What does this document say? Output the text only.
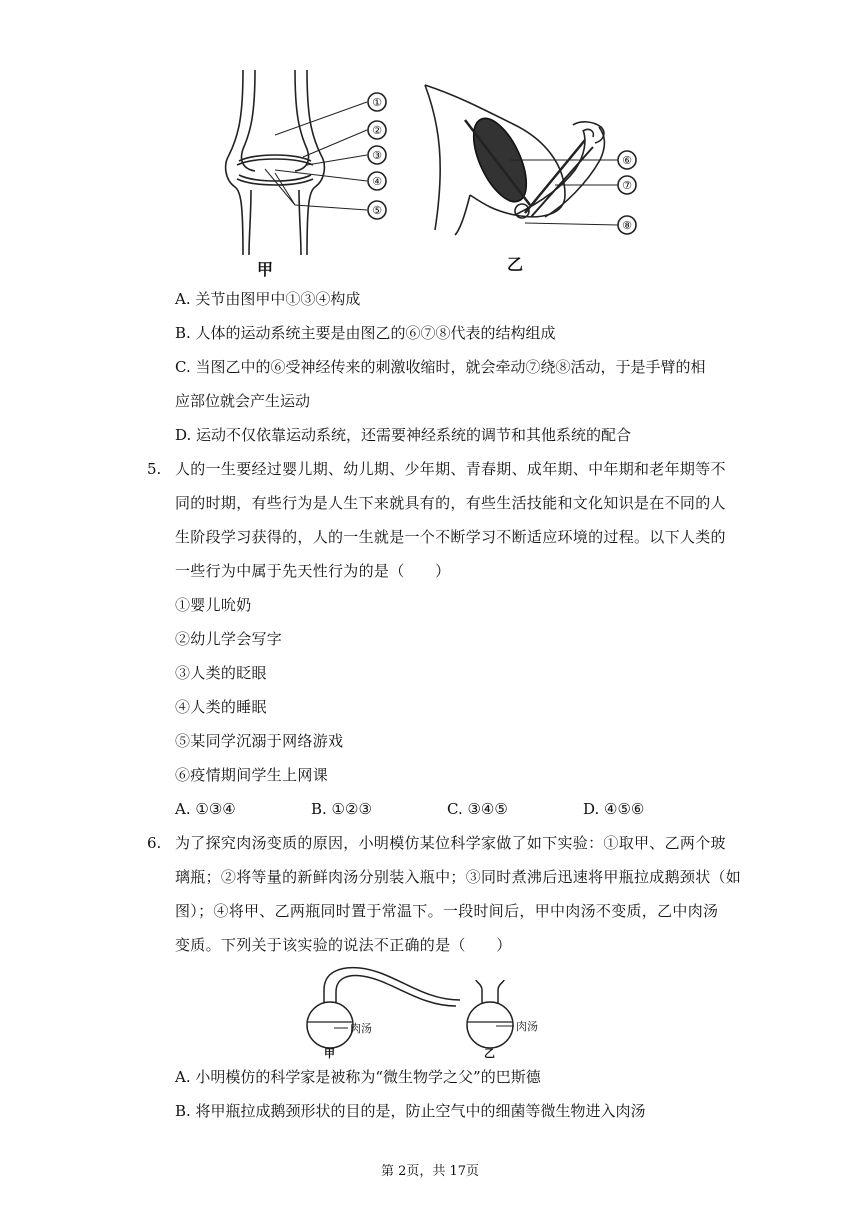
①
②
③
④
⑤
甲
⑥
⑦
⑧
乙
A. 关节由图甲中①③④构成
B. 人体的运动系统主要是由图乙的⑥⑦⑧代表的结构组成
C. 当图乙中的⑥受神经传来的刺激收缩时，就会牵动⑦绕⑧活动，于是手臂的相
应部位就会产生运动
D. 运动不仅依靠运动系统，还需要神经系统的调节和其他系统的配合
5. 人的一生要经过婴儿期、幼儿期、少年期、青春期、成年期、中年期和老年期等不
同的时期，有些行为是人生下来就具有的，有些生活技能和文化知识是在不同的人
生阶段学习获得的，人的一生就是一个不断学习不断适应环境的过程。以下人类的
一些行为中属于先天性行为的是（　　）
①婴儿吮奶
②幼儿学会写字
③人类的眨眼
④人类的睡眠
⑤某同学沉溺于网络游戏
⑥疫情期间学生上网课
A. ①③④	B. ①②③	C. ③④⑤	D. ④⑤⑥
6. 为了探究肉汤变质的原因，小明模仿某位科学家做了如下实验：①取甲、乙两个玻
璃瓶；②将等量的新鲜肉汤分别装入瓶中；③同时煮沸后迅速将甲瓶拉成鹅颈状（如
图）；④将甲、乙两瓶同时置于常温下。一段时间后，甲中肉汤不变质，乙中肉汤
变质。下列关于该实验的说法不正确的是（　　）
肉汤	肉汤
甲	乙
A. 小明模仿的科学家是被称为“微生物学之父”的巴斯德
B. 将甲瓶拉成鹅颈形状的目的是，防止空气中的细菌等微生物进入肉汤
第 2页，共 17页
